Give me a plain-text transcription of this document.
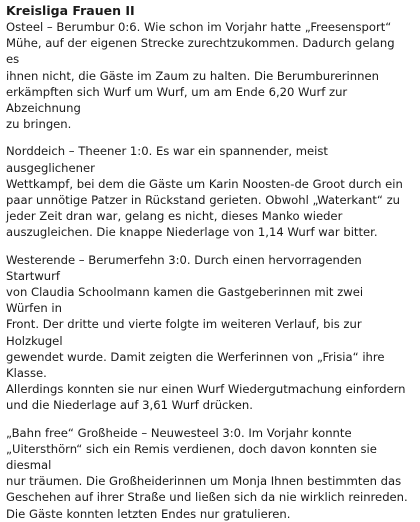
Kreisliga Frauen II

Osteel – Berumbur 0:6. Wie schon im Vorjahr hatte „Freesensport“
Mühe, auf der eigenen Strecke zurechtzukommen. Dadurch gelang es
ihnen nicht, die Gäste im Zaum zu halten. Die Berumburerinnen
erkämpften sich Wurf um Wurf, um am Ende 6,20 Wurf zur Abzeichnung
zu bringen.

Norddeich – Theener 1:0. Es war ein spannender, meist ausgeglichener
Wettkampf, bei dem die Gäste um Karin Noosten-de Groot durch ein
paar unnötige Patzer in Rückstand gerieten. Obwohl „Waterkant“ zu
jeder Zeit dran war, gelang es nicht, dieses Manko wieder
auszugleichen. Die knappe Niederlage von 1,14 Wurf war bitter.

Westerende – Berumerfehn 3:0. Durch einen hervorragenden Startwurf
von Claudia Schoolmann kamen die Gastgeberinnen mit zwei Würfen in
Front. Der dritte und vierte folgte im weiteren Verlauf, bis zur Holzkugel
gewendet wurde. Damit zeigten die Werferinnen von „Frisia“ ihre Klasse.
Allerdings konnten sie nur einen Wurf Wiedergutmachung einfordern
und die Niederlage auf 3,61 Wurf drücken.

„Bahn free“ Großheide – Neuwesteel 3:0. Im Vorjahr konnte
„Uitersthörn“ sich ein Remis verdienen, doch davon konnten sie diesmal
nur träumen. Die Großheiderinnen um Monja Ihnen bestimmten das
Geschehen auf ihrer Straße und ließen sich da nie wirklich reinreden.
Die Gäste konnten letzten Endes nur gratulieren.
